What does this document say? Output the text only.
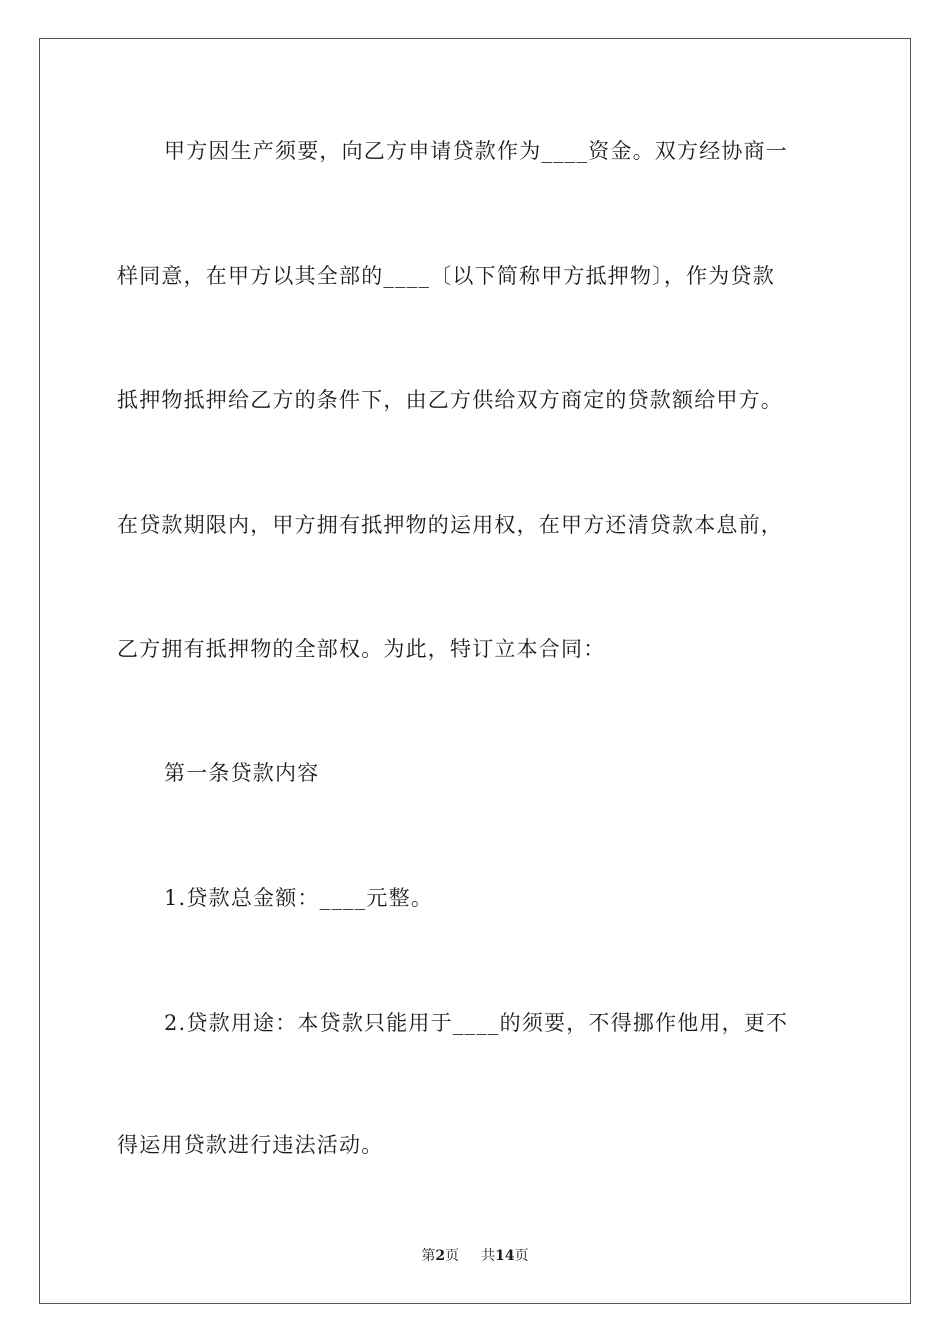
甲方因生产须要，向乙方申请贷款作为____资金。双方经协商一
样同意，在甲方以其全部的____〔以下简称甲方抵押物〕，作为贷款
抵押物抵押给乙方的条件下，由乙方供给双方商定的贷款额给甲方。
在贷款期限内，甲方拥有抵押物的运用权，在甲方还清贷款本息前，
乙方拥有抵押物的全部权。为此，特订立本合同：
第一条贷款内容
1.贷款总金额：____元整。
2.贷款用途：本贷款只能用于____的须要，不得挪作他用，更不
得运用贷款进行违法活动。
第2页 共14页
